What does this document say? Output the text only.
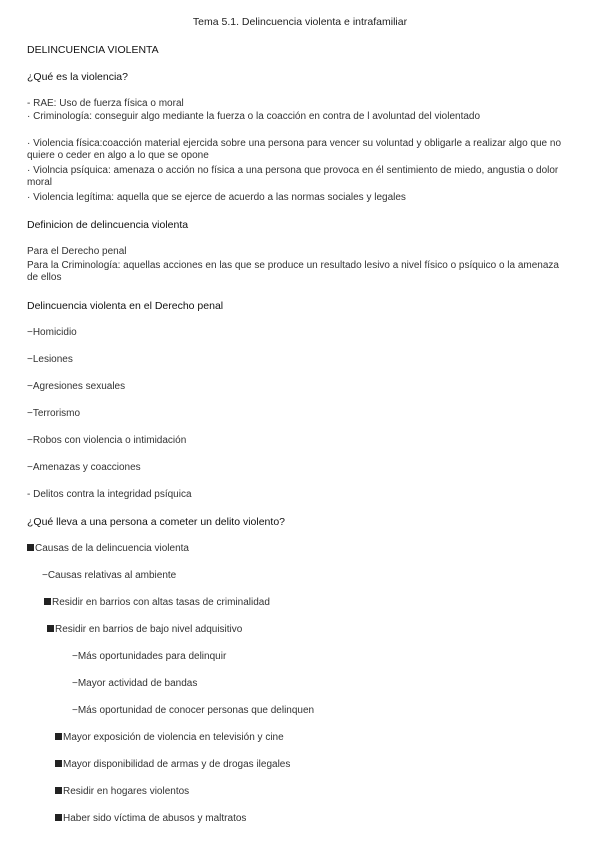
Tema 5.1. Delincuencia violenta e intrafamiliar
DELINCUENCIA VIOLENTA
¿Qué es la violencia?
- RAE: Uso de fuerza física o moral
· Criminología: conseguir algo mediante la fuerza o la coacción en contra de l avoluntad del violentado
· Violencia física:coacción material ejercida sobre una persona para vencer su voluntad y obligarle a realizar algo que no quiere o ceder en algo a lo que se opone
· Violncia psíquica: amenaza o acción no física a una persona que provoca en él sentimiento de miedo, angustia o dolor moral
· Violencia legítima: aquella que se ejerce de acuerdo a las normas sociales y legales
Definicion de delincuencia violenta
Para el Derecho penal
Para la Criminología: aquellas acciones en las que se produce un resultado lesivo a nivel físico o psíquico o la amenaza de ellos
Delincuencia violenta en el Derecho penal
−Homicidio
−Lesiones
−Agresiones sexuales
−Terrorismo
−Robos con violencia o intimidación
−Amenazas y coacciones
- Delitos contra la integridad psíquica
¿Qué lleva a una persona a cometer un delito violento?
Causas de la delincuencia violenta
−Causas relativas al ambiente
Residir en barrios con altas tasas de criminalidad
Residir en barrios de bajo nivel adquisitivo
−Más oportunidades para delinquir
−Mayor actividad de bandas
−Más oportunidad de conocer personas que delinquen
Mayor exposición de violencia en televisión y cine
Mayor disponibilidad de armas y de drogas ilegales
Residir en hogares violentos
Haber sido víctima de abusos y maltratos
